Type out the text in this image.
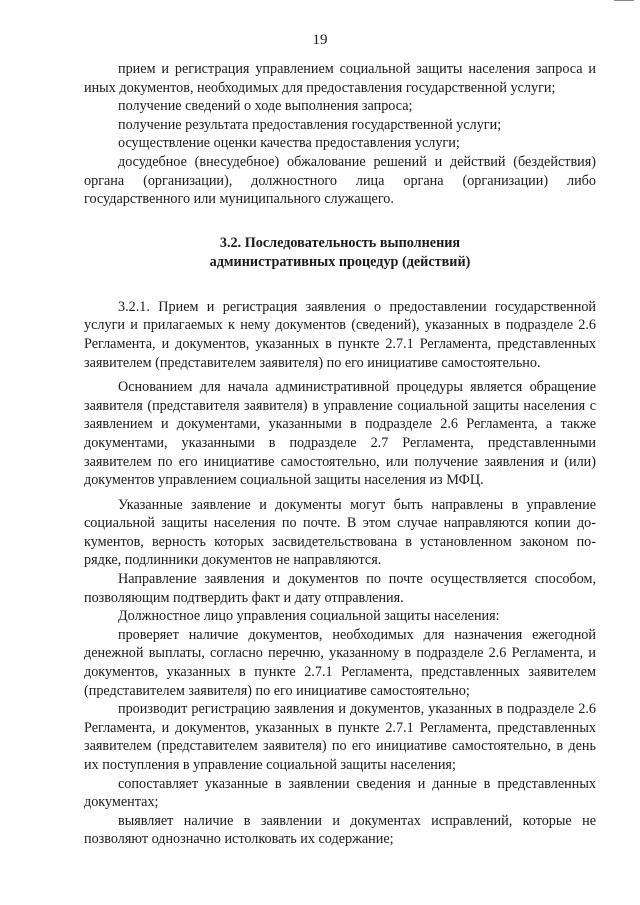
19

прием и регистрация управлением социальной защиты населения запроса и иных документов, необходимых для предоставления государственной услуги;

получение сведений о ходе выполнения запроса;

получение результата предоставления государственной услуги;

осуществление оценки качества предоставления услуги;

досудебное (внесудебное) обжалование решений и действий (бездействия) органа (организации), должностного лица органа (организации) либо государственного или муниципального служащего.

3.2. Последовательность выполнения
административных процедур (действий)

3.2.1. Прием и регистрация заявления о предоставлении государственной услуги и прилагаемых к нему документов (сведений), указанных в подразделе 2.6 Регламента, и документов, указанных в пункте 2.7.1 Регламента, представленных заявителем (представителем заявителя) по его инициативе самостоятельно.

Основанием для начала административной процедуры является обращение заявителя (представителя заявителя) в управление социальной защиты населения с заявлением и документами, указанными в подразделе 2.6 Регламента, а также документами, указанными в подразделе 2.7 Регламента, представленными заявителем по его инициативе самостоятельно, или получение заявления и (или) документов управлением социальной защиты населения из МФЦ.

Указанные заявление и документы могут быть направлены в управление социальной защиты населения по почте. В этом случае направляются копии документов, верность которых засвидетельствована в установленном законом порядке, подлинники документов не направляются.

Направление заявления и документов по почте осуществляется способом, позволяющим подтвердить факт и дату отправления.

Должностное лицо управления социальной защиты населения:

проверяет наличие документов, необходимых для назначения ежегодной денежной выплаты, согласно перечню, указанному в подразделе 2.6 Регламента, и документов, указанных в пункте 2.7.1 Регламента, представленных заявителем (представителем заявителя) по его инициативе самостоятельно;

производит регистрацию заявления и документов, указанных в подразделе 2.6 Регламента, и документов, указанных в пункте 2.7.1 Регламента, представленных заявителем (представителем заявителя) по его инициативе самостоятельно, в день их поступления в управление социальной защиты населения;

сопоставляет указанные в заявлении сведения и данные в представленных документах;

выявляет наличие в заявлении и документах исправлений, которые не позволяют однозначно истолковать их содержание;
